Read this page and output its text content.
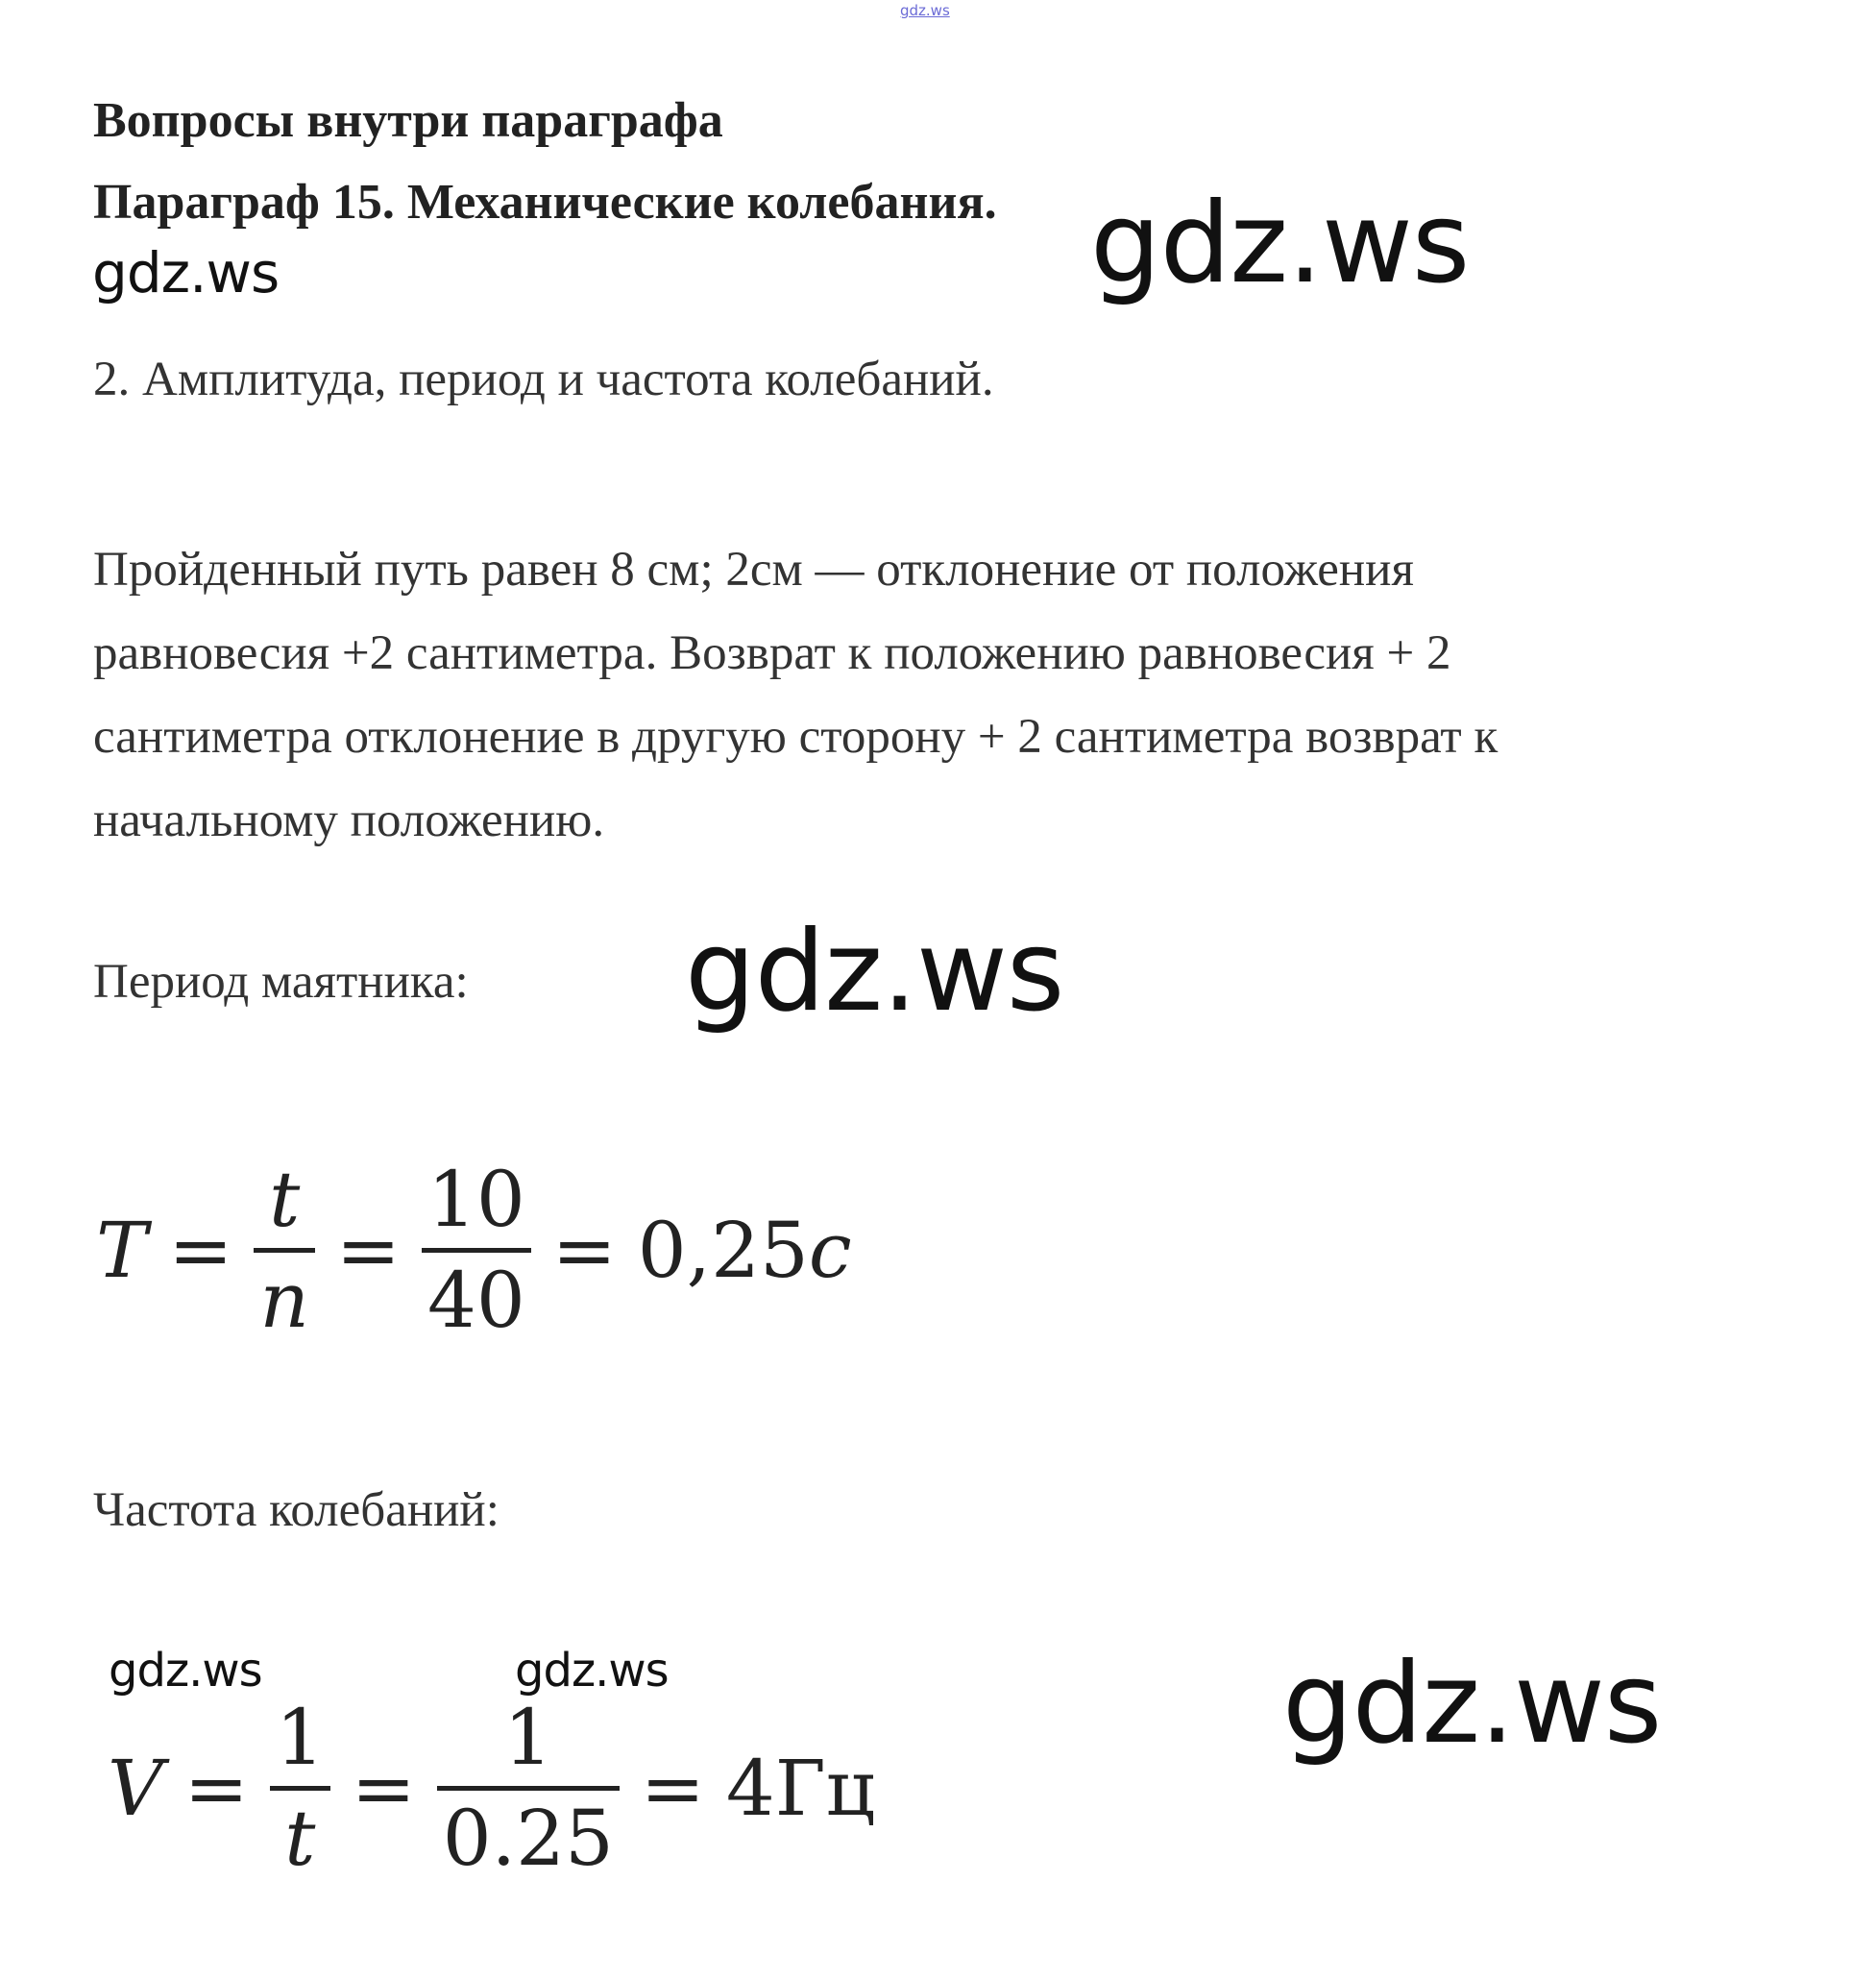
gdz.ws
Вопросы внутри параграфа
Параграф 15. Механические колебания.
gdz.ws	gdz.ws
2. Амплитуда, период и частота колебаний.
Пройденный путь равен 8 см; 2см — отклонение от положения
равновесия +2 сантиметра. Возврат к положению равновесия + 2
сантиметра отклонение в другую сторону + 2 сантиметра возврат к
начальному положению.
Период маятника: gdz.ws
T =
t
n
=
10
40
= 0,25 c
Частота колебаний:
gdz.ws	gdz.ws	gdz.ws
V =
1
t
=
1
0.25
= 4Гц
